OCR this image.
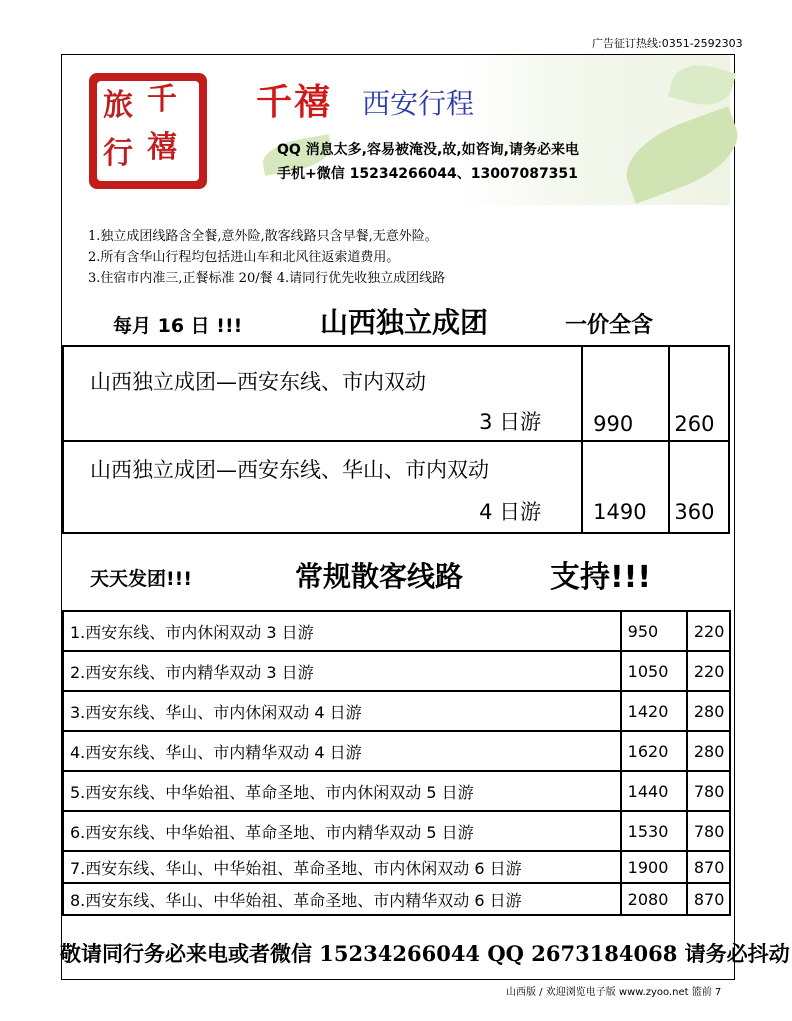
广告征订热线:0351-2592303
千
禧
旅
行
千禧 西安行程
QQ 消息太多,容易被淹没,故,如咨询,请务必来电
手机+微信 15234266044、13007087351
1.独立成团线路含全餐,意外险,散客线路只含早餐,无意外险。
2.所有含华山行程均包括进山车和北风往返索道费用。
3.住宿市内准三,正餐标准 20/餐 4.请同行优先收独立成团线路
每月 16 日 !!!	山西独立成团	一价全含
山西独立成团—西安东线、市内双动
3 日游	990	260

山西独立成团—西安东线、华山、市内双动
4 日游	1490	360
天天发团!!!	常规散客线路	支持!!!
1.西安东线、市内休闲双动 3 日游	950	220
2.西安东线、市内精华双动 3 日游	1050	220
3.西安东线、华山、市内休闲双动 4 日游	1420	280
4.西安东线、华山、市内精华双动 4 日游	1620	280
5.西安东线、中华始祖、革命圣地、市内休闲双动 5 日游	1440	780
6.西安东线、中华始祖、革命圣地、市内精华双动 5 日游	1530	780
7.西安东线、华山、中华始祖、革命圣地、市内休闲双动 6 日游	1900	870
8.西安东线、华山、中华始祖、革命圣地、市内精华双动 6 日游	2080	870
敬请同行务必来电或者微信 15234266044 QQ 2673184068 请务必抖动
山西版 / 欢迎浏览电子版 www.zyoo.net 篮前 7
